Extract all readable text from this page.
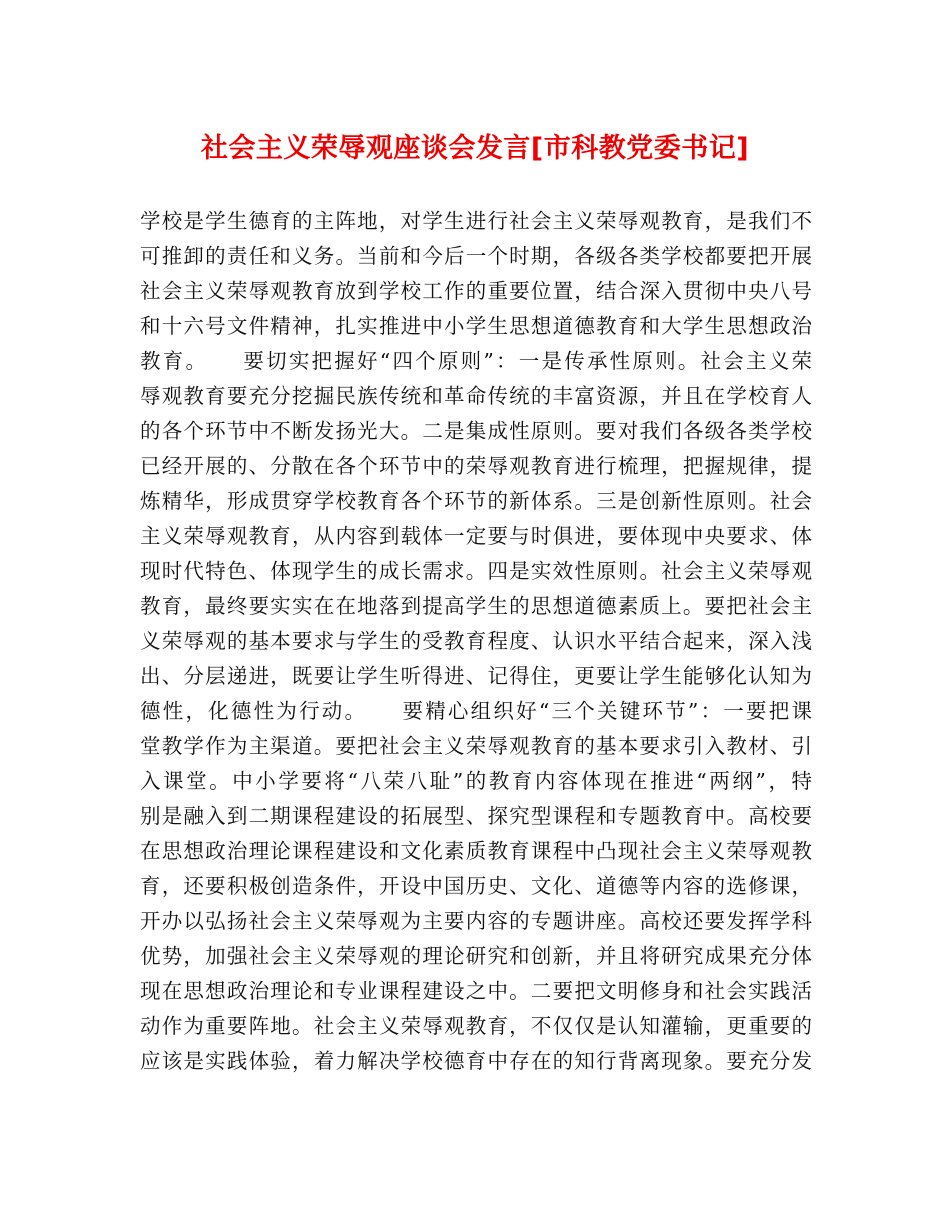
社会主义荣辱观座谈会发言[市科教党委书记]
学校是学生德育的主阵地，对学生进行社会主义荣辱观教育，是我们不
可推卸的责任和义务。当前和今后一个时期，各级各类学校都要把开展
社会主义荣辱观教育放到学校工作的重要位置，结合深入贯彻中央八号
和十六号文件精神，扎实推进中小学生思想道德教育和大学生思想政治
教育。　　要切实把握好“四个原则”：一是传承性原则。社会主义荣
辱观教育要充分挖掘民族传统和革命传统的丰富资源，并且在学校育人
的各个环节中不断发扬光大。二是集成性原则。要对我们各级各类学校
已经开展的、分散在各个环节中的荣辱观教育进行梳理，把握规律，提
炼精华，形成贯穿学校教育各个环节的新体系。三是创新性原则。社会
主义荣辱观教育，从内容到载体一定要与时俱进，要体现中央要求、体
现时代特色、体现学生的成长需求。四是实效性原则。社会主义荣辱观
教育，最终要实实在在地落到提高学生的思想道德素质上。要把社会主
义荣辱观的基本要求与学生的受教育程度、认识水平结合起来，深入浅
出、分层递进，既要让学生听得进、记得住，更要让学生能够化认知为
德性，化德性为行动。　　要精心组织好“三个关键环节”：一要把课
堂教学作为主渠道。要把社会主义荣辱观教育的基本要求引入教材、引
入课堂。中小学要将“八荣八耻”的教育内容体现在推进“两纲”，特
别是融入到二期课程建设的拓展型、探究型课程和专题教育中。高校要
在思想政治理论课程建设和文化素质教育课程中凸现社会主义荣辱观教
育，还要积极创造条件，开设中国历史、文化、道德等内容的选修课，
开办以弘扬社会主义荣辱观为主要内容的专题讲座。高校还要发挥学科
优势，加强社会主义荣辱观的理论研究和创新，并且将研究成果充分体
现在思想政治理论和专业课程建设之中。二要把文明修身和社会实践活
动作为重要阵地。社会主义荣辱观教育，不仅仅是认知灌输，更重要的
应该是实践体验，着力解决学校德育中存在的知行背离现象。要充分发
